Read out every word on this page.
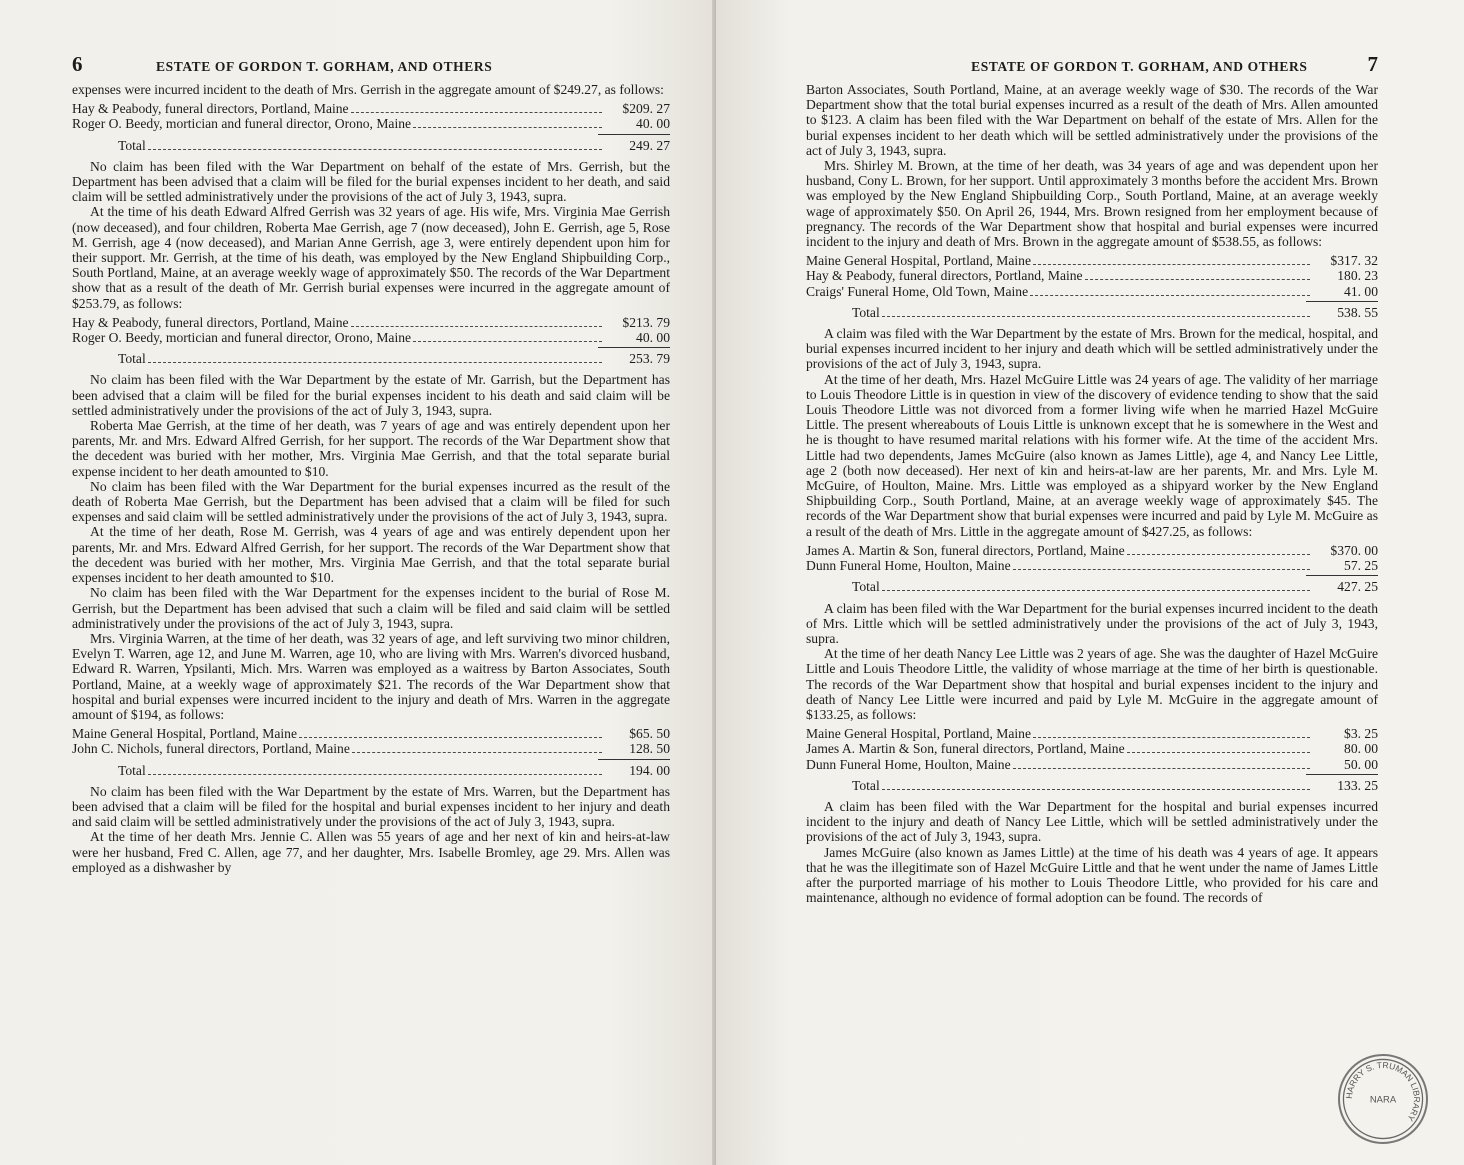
6	ESTATE OF GORDON T. GORHAM, AND OTHERS

expenses were incurred incident to the death of Mrs. Gerrish in the aggregate amount of $249.27, as follows:

Hay & Peabody, funeral directors, Portland, Maine	$209. 27
Roger O. Beedy, mortician and funeral director, Orono, Maine	40. 00
Total	249. 27

No claim has been filed with the War Department on behalf of the estate of Mrs. Gerrish, but the Department has been advised that a claim will be filed for the burial expenses incident to her death, and said claim will be settled administratively under the provisions of the act of July 3, 1943, supra.

At the time of his death Edward Alfred Gerrish was 32 years of age. His wife, Mrs. Virginia Mae Gerrish (now deceased), and four children, Roberta Mae Gerrish, age 7 (now deceased), John E. Gerrish, age 5, Rose M. Gerrish, age 4 (now deceased), and Marian Anne Gerrish, age 3, were entirely dependent upon him for their support. Mr. Gerrish, at the time of his death, was employed by the New England Shipbuilding Corp., South Portland, Maine, at an average weekly wage of approximately $50. The records of the War Department show that as a result of the death of Mr. Gerrish burial expenses were incurred in the aggregate amount of $253.79, as follows:

Hay & Peabody, funeral directors, Portland, Maine	$213. 79
Roger O. Beedy, mortician and funeral director, Orono, Maine	40. 00
Total	253. 79

No claim has been filed with the War Department by the estate of Mr. Garrish, but the Department has been advised that a claim will be filed for the burial expenses incident to his death and said claim will be settled administratively under the provisions of the act of July 3, 1943, supra.

Roberta Mae Gerrish, at the time of her death, was 7 years of age and was entirely dependent upon her parents, Mr. and Mrs. Edward Alfred Gerrish, for her support. The records of the War Department show that the decedent was buried with her mother, Mrs. Virginia Mae Gerrish, and that the total separate burial expense incident to her death amounted to $10.

No claim has been filed with the War Department for the burial expenses incurred as the result of the death of Roberta Mae Gerrish, but the Department has been advised that a claim will be filed for such expenses and said claim will be settled administratively under the provisions of the act of July 3, 1943, supra.

At the time of her death, Rose M. Gerrish, was 4 years of age and was entirely dependent upon her parents, Mr. and Mrs. Edward Alfred Gerrish, for her support. The records of the War Department show that the decedent was buried with her mother, Mrs. Virginia Mae Gerrish, and that the total separate burial expenses incident to her death amounted to $10.

No claim has been filed with the War Department for the expenses incident to the burial of Rose M. Gerrish, but the Department has been advised that such a claim will be filed and said claim will be settled administratively under the provisions of the act of July 3, 1943, supra.

Mrs. Virginia Warren, at the time of her death, was 32 years of age, and left surviving two minor children, Evelyn T. Warren, age 12, and June M. Warren, age 10, who are living with Mrs. Warren's divorced husband, Edward R. Warren, Ypsilanti, Mich. Mrs. Warren was employed as a waitress by Barton Associates, South Portland, Maine, at a weekly wage of approximately $21. The records of the War Department show that hospital and burial expenses were incurred incident to the injury and death of Mrs. Warren in the aggregate amount of $194, as follows:

Maine General Hospital, Portland, Maine	$65. 50
John C. Nichols, funeral directors, Portland, Maine	128. 50
Total	194. 00

No claim has been filed with the War Department by the estate of Mrs. Warren, but the Department has been advised that a claim will be filed for the hospital and burial expenses incident to her injury and death and said claim will be settled administratively under the provisions of the act of July 3, 1943, supra.

At the time of her death Mrs. Jennie C. Allen was 55 years of age and her next of kin and heirs-at-law were her husband, Fred C. Allen, age 77, and her daughter, Mrs. Isabelle Bromley, age 29. Mrs. Allen was employed as a dishwasher by

ESTATE OF GORDON T. GORHAM, AND OTHERS	7

Barton Associates, South Portland, Maine, at an average weekly wage of $30. The records of the War Department show that the total burial expenses incurred as a result of the death of Mrs. Allen amounted to $123. A claim has been filed with the War Department on behalf of the estate of Mrs. Allen for the burial expenses incident to her death which will be settled administratively under the provisions of the act of July 3, 1943, supra.

Mrs. Shirley M. Brown, at the time of her death, was 34 years of age and was dependent upon her husband, Cony L. Brown, for her support. Until approximately 3 months before the accident Mrs. Brown was employed by the New England Shipbuilding Corp., South Portland, Maine, at an average weekly wage of approximately $50. On April 26, 1944, Mrs. Brown resigned from her employment because of pregnancy. The records of the War Department show that hospital and burial expenses were incurred incident to the injury and death of Mrs. Brown in the aggregate amount of $538.55, as follows:

Maine General Hospital, Portland, Maine	$317. 32
Hay & Peabody, funeral directors, Portland, Maine	180. 23
Craigs' Funeral Home, Old Town, Maine	41. 00
Total	538. 55

A claim was filed with the War Department by the estate of Mrs. Brown for the medical, hospital, and burial expenses incurred incident to her injury and death which will be settled administratively under the provisions of the act of July 3, 1943, supra.

At the time of her death, Mrs. Hazel McGuire Little was 24 years of age. The validity of her marriage to Louis Theodore Little is in question in view of the discovery of evidence tending to show that the said Louis Theodore Little was not divorced from a former living wife when he married Hazel McGuire Little. The present whereabouts of Louis Little is unknown except that he is somewhere in the West and he is thought to have resumed marital relations with his former wife. At the time of the accident Mrs. Little had two dependents, James McGuire (also known as James Little), age 4, and Nancy Lee Little, age 2 (both now deceased). Her next of kin and heirs-at-law are her parents, Mr. and Mrs. Lyle M. McGuire, of Houlton, Maine. Mrs. Little was employed as a shipyard worker by the New England Shipbuilding Corp., South Portland, Maine, at an average weekly wage of approximately $45. The records of the War Department show that burial expenses were incurred and paid by Lyle M. McGuire as a result of the death of Mrs. Little in the aggregate amount of $427.25, as follows:

James A. Martin & Son, funeral directors, Portland, Maine	$370. 00
Dunn Funeral Home, Houlton, Maine	57. 25
Total	427. 25

A claim has been filed with the War Department for the burial expenses incurred incident to the death of Mrs. Little which will be settled administratively under the provisions of the act of July 3, 1943, supra.

At the time of her death Nancy Lee Little was 2 years of age. She was the daughter of Hazel McGuire Little and Louis Theodore Little, the validity of whose marriage at the time of her birth is questionable. The records of the War Department show that hospital and burial expenses incident to the injury and death of Nancy Lee Little were incurred and paid by Lyle M. McGuire in the aggregate amount of $133.25, as follows:

Maine General Hospital, Portland, Maine	$3. 25
James A. Martin & Son, funeral directors, Portland, Maine	80. 00
Dunn Funeral Home, Houlton, Maine	50. 00
Total	133. 25

A claim has been filed with the War Department for the hospital and burial expenses incurred incident to the injury and death of Nancy Lee Little, which will be settled administratively under the provisions of the act of July 3, 1943, supra.

James McGuire (also known as James Little) at the time of his death was 4 years of age. It appears that he was the illegitimate son of Hazel McGuire Little and that he went under the name of James Little after the purported marriage of his mother to Louis Theodore Little, who provided for his care and maintenance, although no evidence of formal adoption can be found. The records of

HARRY S. TRUMAN LIBRARY
NARA
